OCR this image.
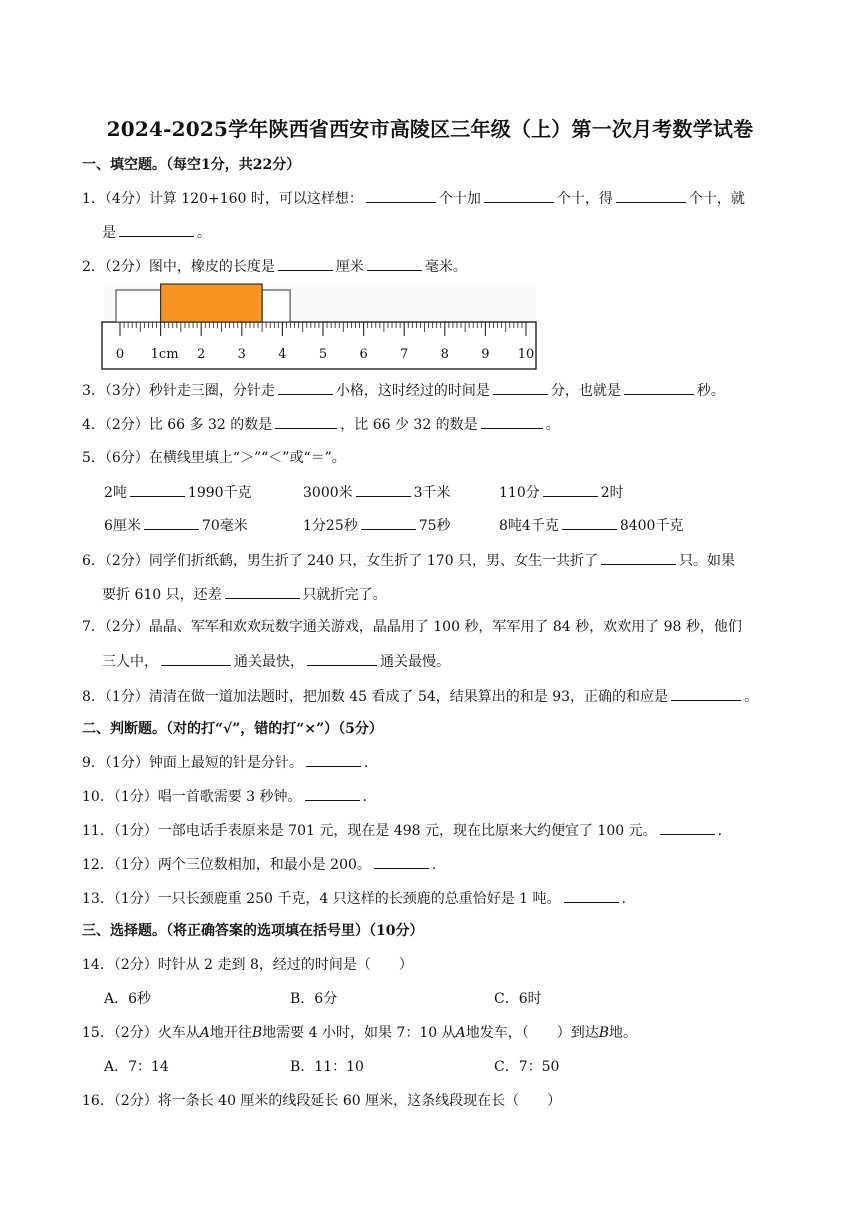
2024-2025学年陕西省西安市高陵区三年级（上）第一次月考数学试卷
一、填空题。（每空1分，共22分）
1．（4分）计算 120+160 时，可以这样想：	个十加	个十，得	个十，就
是	。
2．（2分）图中，橡皮的长度是	厘米	毫米。
0 1cm 2 3 4 5 6 7 8 9 10
3．（3分）秒针走三圈，分针走	小格，这时经过的时间是	分，也就是	秒。
4．（2分）比 66 多 32 的数是	，比 66 少 32 的数是	。
5．（6分）在横线里填上“＞”“＜”或“＝”。
2吨	1990千克	3000米	3千米	110分	2时
6厘米	70毫米	1分25秒	75秒	8吨4千克	8400千克
6．（2分）同学们折纸鹤，男生折了 240 只，女生折了 170 只，男、女生一共折了	只。如果
要折 610 只，还差	只就折完了。
7．（2分）晶晶、军军和欢欢玩数字通关游戏，晶晶用了 100 秒，军军用了 84 秒，欢欢用了 98 秒，他们
三人中，	通关最快，	通关最慢。
8．（1分）清清在做一道加法题时，把加数 45 看成了 54，结果算出的和是 93，正确的和应是	。
二、判断题。（对的打“√”，错的打“×”）（5分）
9．（1分）钟面上最短的针是分针。	.
10．（1分）唱一首歌需要 3 秒钟。	.
11．（1分）一部电话手表原来是 701 元，现在是 498 元，现在比原来大约便宜了 100 元。	.
12．（1分）两个三位数相加，和最小是 200。	.
13．（1分）一只长颈鹿重 250 千克，4 只这样的长颈鹿的总重恰好是 1 吨。	.
三、选择题。（将正确答案的选项填在括号里）（10分）
14．（2分）时针从 2 走到 8，经过的时间是（　　）
A．6秒	B．6分	C．6时
15．（2分）火车从A地开往B地需要 4 小时，如果 7：10 从A地发车，（　　）到达B地。
A．7：14	B．11：10	C．7：50
16．（2分）将一条长 40 厘米的线段延长 60 厘米，这条线段现在长（　　）
